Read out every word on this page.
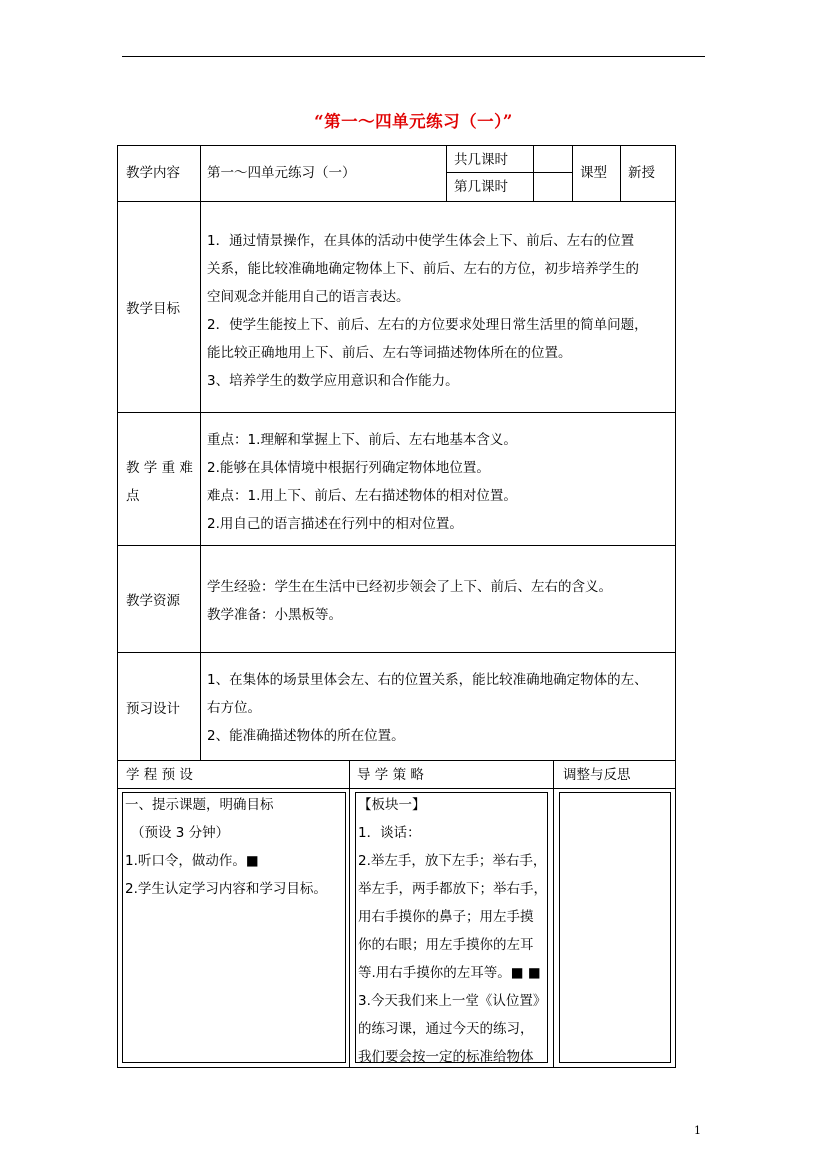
“第一～四单元练习（一）”
教学内容 第一～四单元练习（一）
共几课时
第几课时
课型 新授
教学目标
1．通过情景操作，在具体的活动中使学生体会上下、前后、左右的位置
关系，能比较准确地确定物体上下、前后、左右的方位，初步培养学生的
空间观念并能用自己的语言表达。
2．使学生能按上下、前后、左右的方位要求处理日常生活里的简单问题，
能比较正确地用上下、前后、左右等词描述物体所在的位置。
3、培养学生的数学应用意识和合作能力。
教 学 重 难
点
重点：1.理解和掌握上下、前后、左右地基本含义。
2.能够在具体情境中根据行列确定物体地位置。
难点：1.用上下、前后、左右描述物体的相对位置。
2.用自己的语言描述在行列中的相对位置。
教学资源
学生经验：学生在生活中已经初步领会了上下、前后、左右的含义。
教学准备：小黑板等。
预习设计
1、在集体的场景里体会左、右的位置关系，能比较准确地确定物体的左、
右方位。
2、能准确描述物体的所在位置。
学 程 预 设	导 学 策 略	调整与反思
一、提示课题，明确目标
（预设 3 分钟）
1.听口令，做动作。■
2.学生认定学习内容和学习目标。
【板块一】
1．谈话：
2.举左手，放下左手；举右手，
举左手，两手都放下；举右手，
用右手摸你的鼻子；用左手摸
你的右眼；用左手摸你的左耳
等.用右手摸你的左耳等。■ ■
3.今天我们来上一堂《认位置》
的练习课，通过今天的练习，
我们要会按一定的标准给物体
1
